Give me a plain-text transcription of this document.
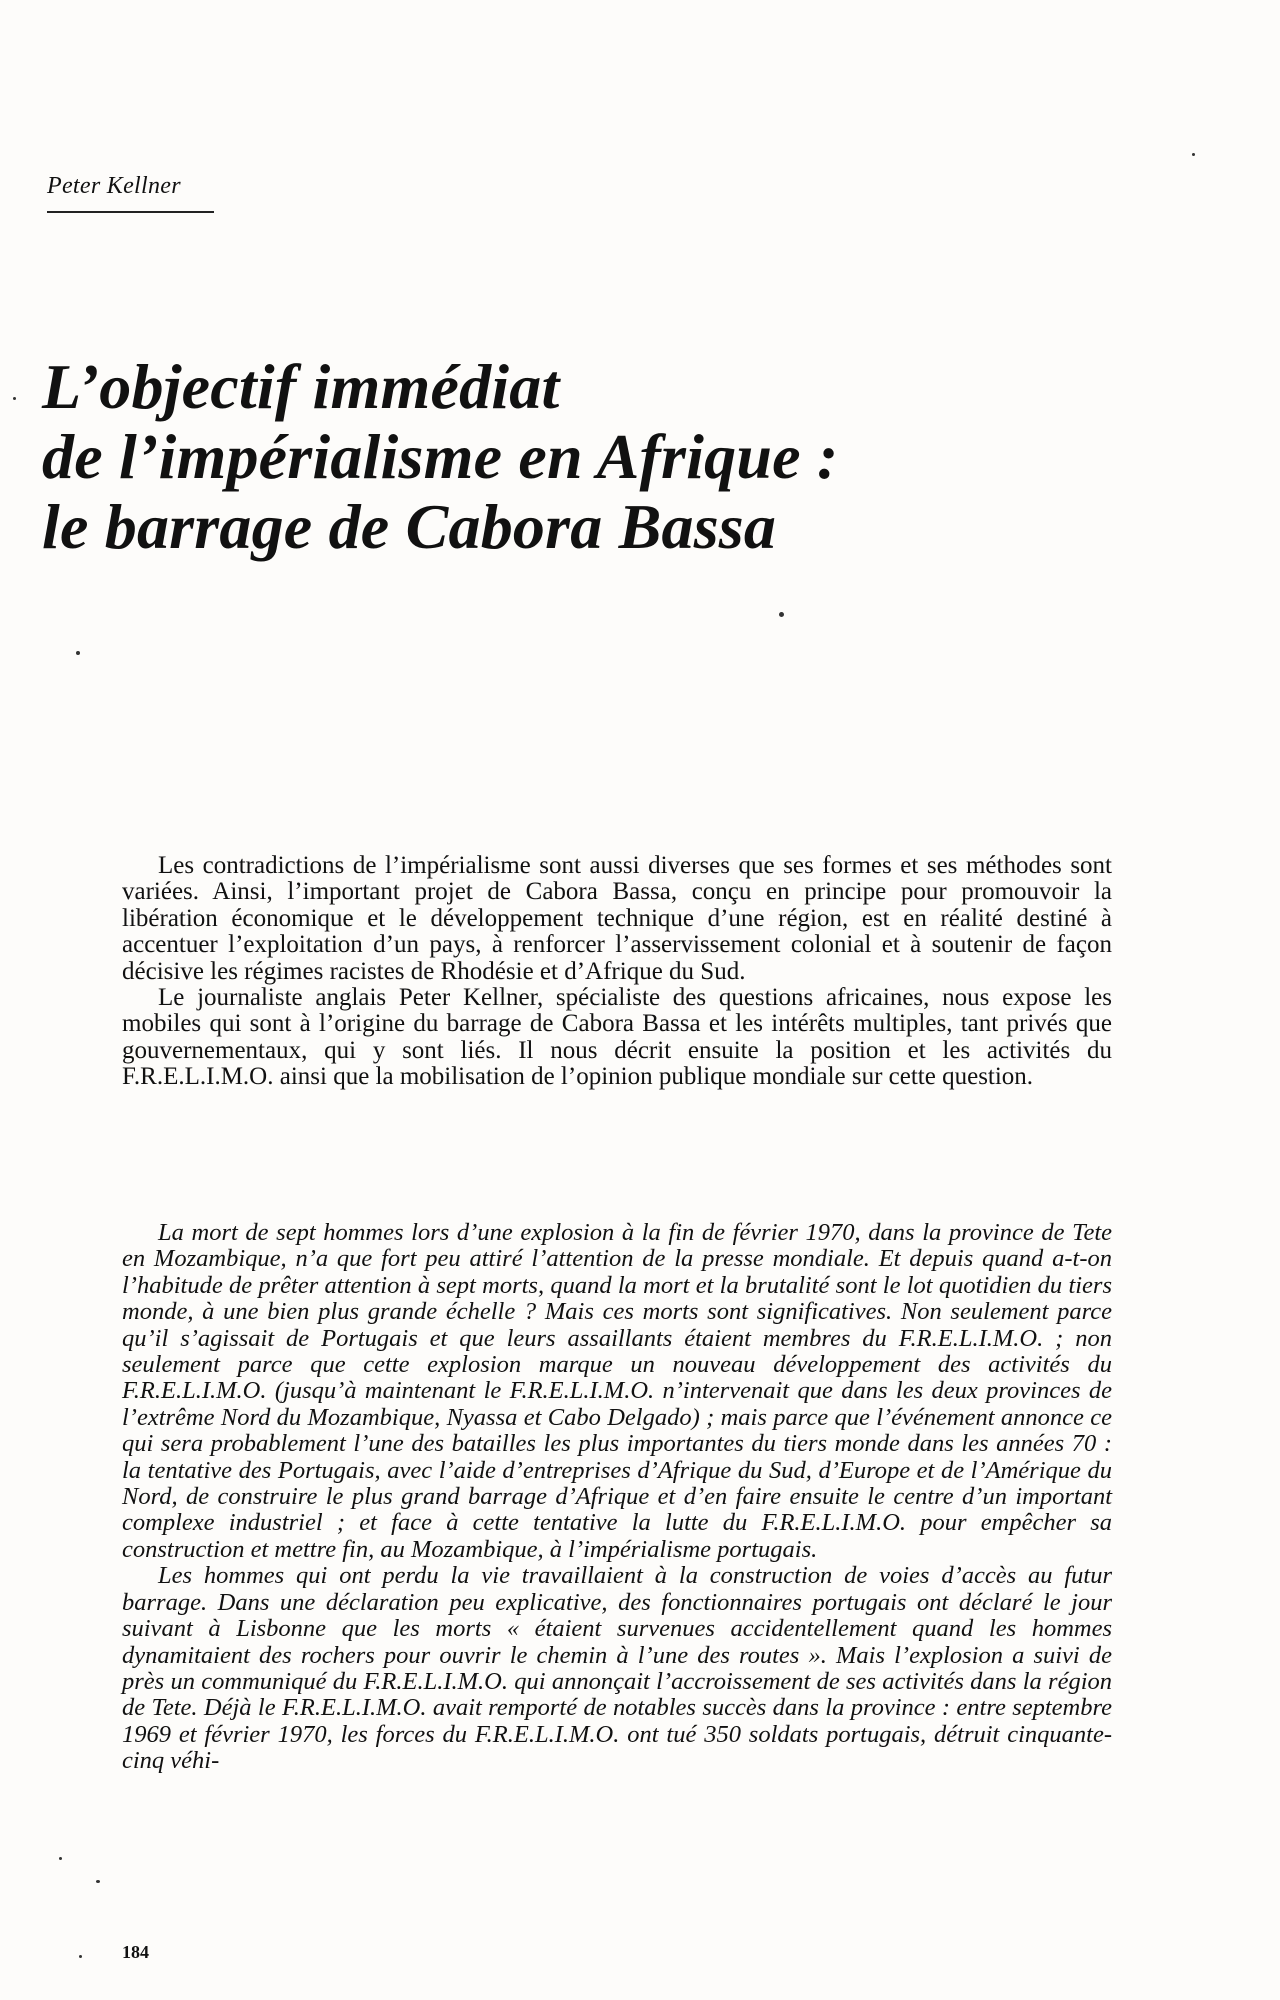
Peter Kellner
L’objectif immédiat
de l’impérialisme en Afrique :
le barrage de Cabora Bassa

Les contradictions de l’impérialisme sont aussi diverses que ses formes et ses méthodes sont variées. Ainsi, l’important projet de Cabora Bassa, conçu en principe pour promouvoir la libération économique et le développement technique d’une région, est en réalité destiné à accentuer l’exploitation d’un pays, à renforcer l’asservissement colonial et à soutenir de façon décisive les régimes racistes de Rhodésie et d’Afrique du Sud.

Le journaliste anglais Peter Kellner, spécialiste des questions africaines, nous expose les mobiles qui sont à l’origine du barrage de Cabora Bassa et les intérêts multiples, tant privés que gouvernementaux, qui y sont liés. Il nous décrit ensuite la position et les activités du F.R.E.L.I.M.O. ainsi que la mobilisation de l’opinion publique mondiale sur cette question.

La mort de sept hommes lors d’une explosion à la fin de février 1970, dans la province de Tete en Mozambique, n’a que fort peu attiré l’attention de la presse mondiale. Et depuis quand a-t-on l’habitude de prêter attention à sept morts, quand la mort et la brutalité sont le lot quotidien du tiers monde, à une bien plus grande échelle ? Mais ces morts sont significatives. Non seulement parce qu’il s’agissait de Portugais et que leurs assaillants étaient membres du F.R.E.L.I.M.O. ; non seulement parce que cette explosion marque un nouveau développement des activités du F.R.E.L.I.M.O. (jusqu’à maintenant le F.R.E.L.I.M.O. n’intervenait que dans les deux provinces de l’extrême Nord du Mozambique, Nyassa et Cabo Delgado) ; mais parce que l’événement annonce ce qui sera probablement l’une des batailles les plus importantes du tiers monde dans les années 70 : la tentative des Portugais, avec l’aide d’entreprises d’Afrique du Sud, d’Europe et de l’Amérique du Nord, de construire le plus grand barrage d’Afrique et d’en faire ensuite le centre d’un important complexe industriel ; et face à cette tentative la lutte du F.R.E.L.I.M.O. pour empêcher sa construction et mettre fin, au Mozambique, à l’impérialisme portugais.

Les hommes qui ont perdu la vie travaillaient à la construction de voies d’accès au futur barrage. Dans une déclaration peu explicative, des fonctionnaires portugais ont déclaré le jour suivant à Lisbonne que les morts « étaient survenues accidentellement quand les hommes dynamitaient des rochers pour ouvrir le chemin à l’une des routes ». Mais l’explosion a suivi de près un communiqué du F.R.E.L.I.M.O. qui annonçait l’accroissement de ses activités dans la région de Tete. Déjà le F.R.E.L.I.M.O. avait remporté de notables succès dans la province : entre septembre 1969 et février 1970, les forces du F.R.E.L.I.M.O. ont tué 350 soldats portugais, détruit cinquante-cinq véhi-

184
